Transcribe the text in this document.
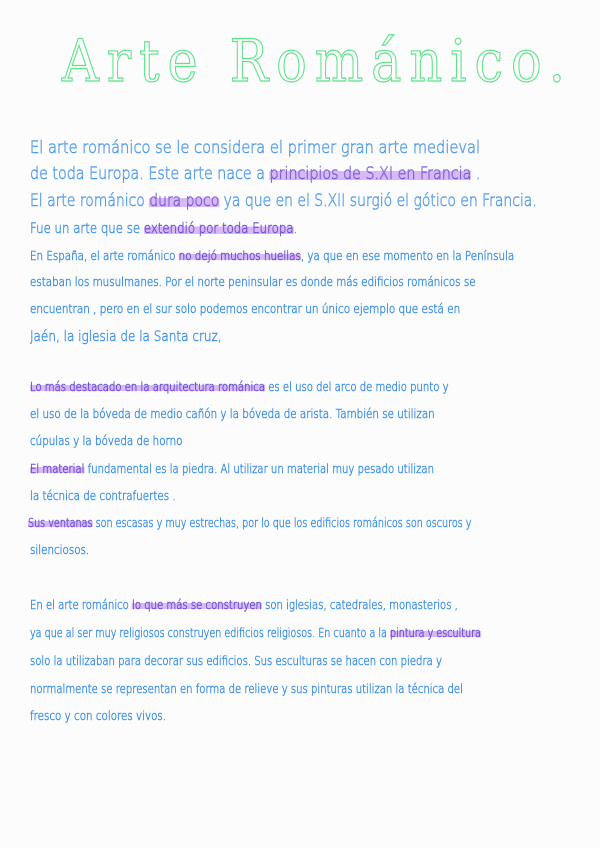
Arte Románico.
El arte románico se le considera el primer gran arte medieval
de toda Europa. Este arte nace a principios de S.XI en Francia .
El arte románico dura poco ya que en el S.XII surgió el gótico en Francia.
Fue un arte que se extendió por toda Europa.
En España, el arte románico no dejó muchos huellas, ya que en ese momento en la Península
estaban los musulmanes. Por el norte peninsular es donde más edificios románicos se
encuentran , pero en el sur solo podemos encontrar un único ejemplo que está en
Jaén, la iglesia de la Santa cruz,
Lo más destacado en la arquitectura románica es el uso del arco de medio punto y
el uso de la bóveda de medio cañón y la bóveda de arista. También se utilizan
cúpulas y la bóveda de horno
El material fundamental es la piedra. Al utilizar un material muy pesado utilizan
la técnica de contrafuertes .
Sus ventanas son escasas y muy estrechas, por lo que los edificios románicos son oscuros y
silenciosos.
En el arte románico lo que más se construyen son iglesias, catedrales, monasterios ,
ya que al ser muy religiosos construyen edificios religiosos. En cuanto a la pintura y escultura
solo la utilizaban para decorar sus edificios. Sus esculturas se hacen con piedra y
normalmente se representan en forma de relieve y sus pinturas utilizan la técnica del
fresco y con colores vivos.
